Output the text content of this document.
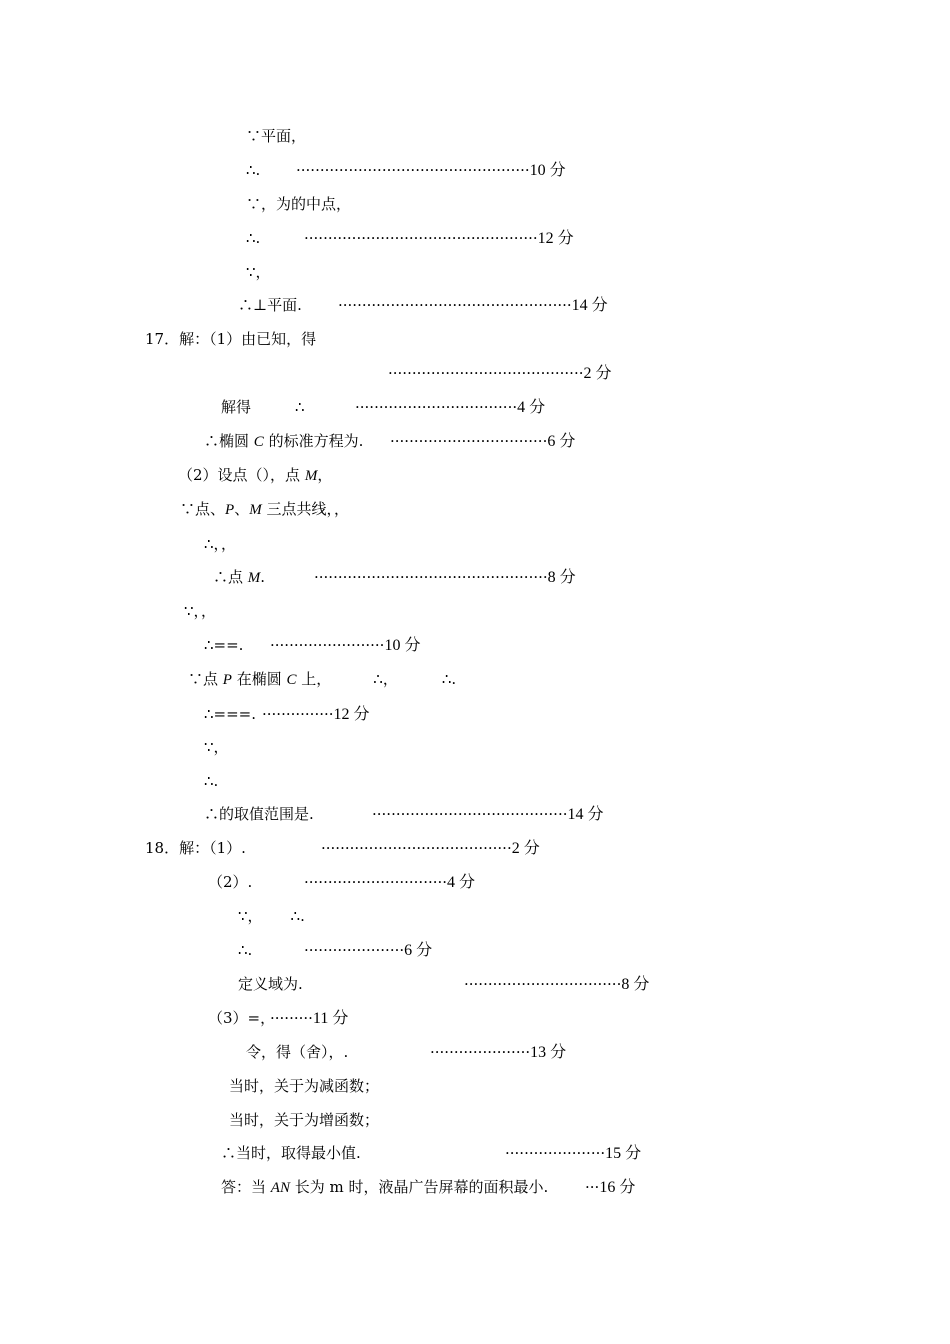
∵平面，
∴. ·················································10 分
∵，为的中点，
∴.	·················································12 分
∵，
∴⊥平面. ·················································14 分
17．解：（1）由已知，得
·········································2 分
解得	∴	··································4 分
∴椭圆 C 的标准方程为. ·································6 分
（2）设点（），点 M，
∵点、P、M 三点共线，，
∴，，
∴点 M.	·················································8 分
∵，，
∴==. ························10 分
∵点 P 在椭圆 C 上，	∴，	∴.
∴===. ···············12 分
∵，
∴.
∴的取值范围是.	·········································14 分
18．解：（1）.	········································2 分
（2）.	······························4 分
∵， ∴.
∴.	·····················6 分
定义域为.	·································8 分
（3）=，
·········11 分
令，得（舍），.	·····················13 分
当时，关于为减函数；
当时，关于为增函数；
∴当时，取得最小值.	·····················15 分
答：当 AN 长为 m 时，液晶广告屏幕的面积最小. ···16 分
